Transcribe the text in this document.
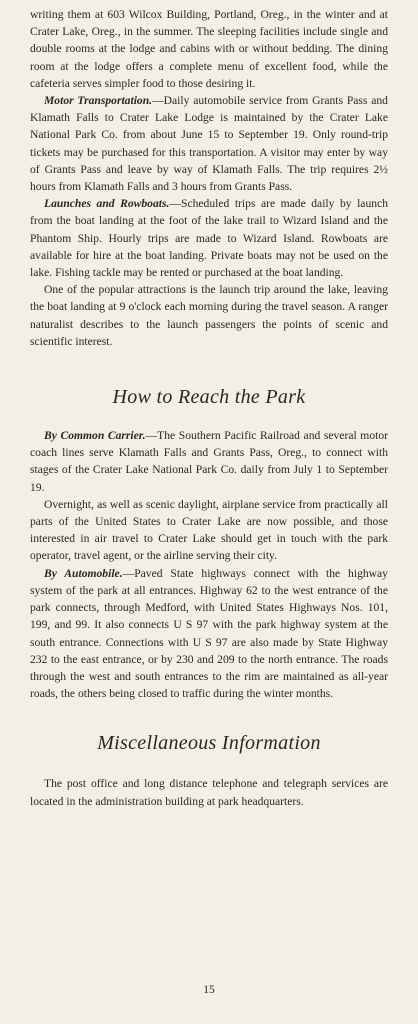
writing them at 603 Wilcox Building, Portland, Oreg., in the winter and at Crater Lake, Oreg., in the summer. The sleeping facilities include single and double rooms at the lodge and cabins with or without bedding. The dining room at the lodge offers a complete menu of excellent food, while the cafeteria serves simpler food to those desiring it.

Motor Transportation.—Daily automobile service from Grants Pass and Klamath Falls to Crater Lake Lodge is maintained by the Crater Lake National Park Co. from about June 15 to September 19. Only round-trip tickets may be purchased for this transportation. A visitor may enter by way of Grants Pass and leave by way of Klamath Falls. The trip requires 2½ hours from Klamath Falls and 3 hours from Grants Pass.

Launches and Rowboats.—Scheduled trips are made daily by launch from the boat landing at the foot of the lake trail to Wizard Island and the Phantom Ship. Hourly trips are made to Wizard Island. Rowboats are available for hire at the boat landing. Private boats may not be used on the lake. Fishing tackle may be rented or purchased at the boat landing.

One of the popular attractions is the launch trip around the lake, leaving the boat landing at 9 o'clock each morning during the travel season. A ranger naturalist describes to the launch passengers the points of scenic and scientific interest.

How to Reach the Park

By Common Carrier.—The Southern Pacific Railroad and several motor coach lines serve Klamath Falls and Grants Pass, Oreg., to connect with stages of the Crater Lake National Park Co. daily from July 1 to September 19.

Overnight, as well as scenic daylight, airplane service from practically all parts of the United States to Crater Lake are now possible, and those interested in air travel to Crater Lake should get in touch with the park operator, travel agent, or the airline serving their city.

By Automobile.—Paved State highways connect with the highway system of the park at all entrances. Highway 62 to the west entrance of the park connects, through Medford, with United States Highways Nos. 101, 199, and 99. It also connects U S 97 with the park highway system at the south entrance. Connections with U S 97 are also made by State Highway 232 to the east entrance, or by 230 and 209 to the north entrance. The roads through the west and south entrances to the rim are maintained as all-year roads, the others being closed to traffic during the winter months.

Miscellaneous Information

The post office and long distance telephone and telegraph services are located in the administration building at park headquarters.

15
